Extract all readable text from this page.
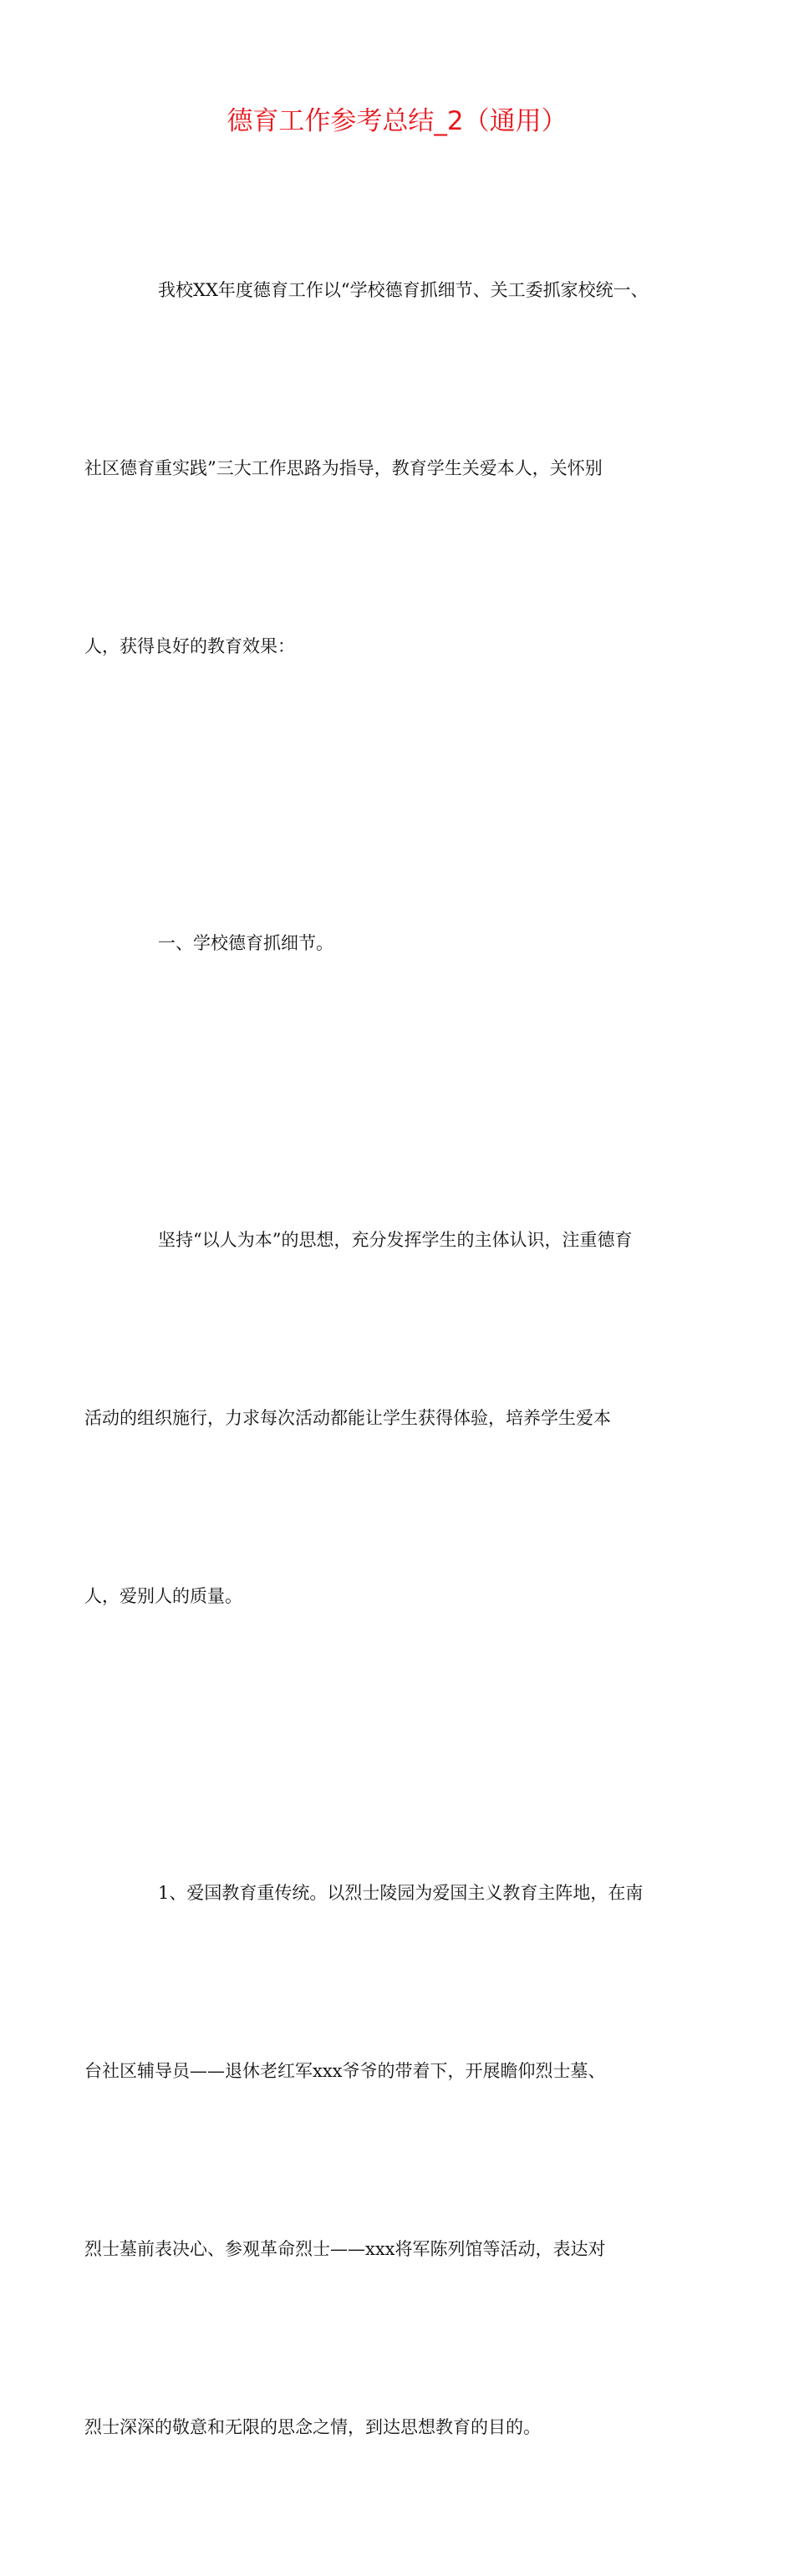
德育工作参考总结_2（通用）

我校XX年度德育工作以“学校德育抓细节、关工委抓家校统一、

社区德育重实践”三大工作思路为指导，教育学生关爱本人，关怀别

人，获得良好的教育效果：

一、学校德育抓细节。

坚持“以人为本”的思想，充分发挥学生的主体认识，注重德育

活动的组织施行，力求每次活动都能让学生获得体验，培养学生爱本

人，爱别人的质量。

1、爱国教育重传统。以烈士陵园为爱国主义教育主阵地，在南

台社区辅导员——退休老红军xxx爷爷的带着下，开展瞻仰烈士墓、

烈士墓前表决心、参观革命烈士——xxx将军陈列馆等活动，表达对

烈士深深的敬意和无限的思念之情，到达思想教育的目的。
